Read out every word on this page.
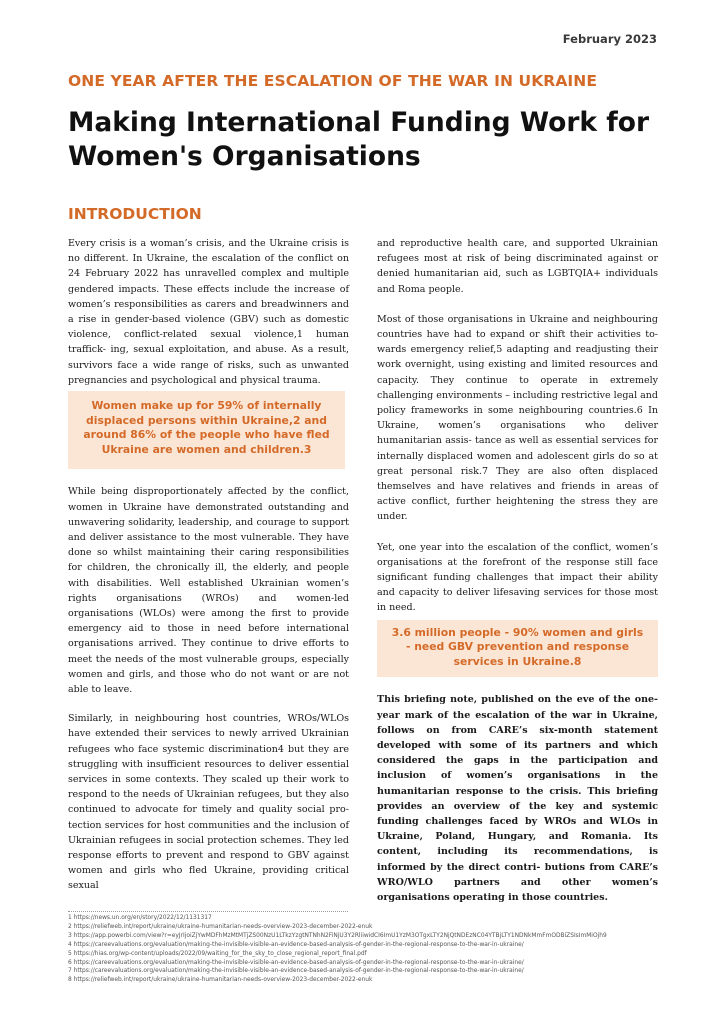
February 2023
ONE YEAR AFTER THE ESCALATION OF THE WAR IN UKRAINE
Making International Funding Work for Women's Organisations
INTRODUCTION

Every crisis is a woman’s crisis, and the Ukraine crisis is no different. In Ukraine, the escalation of the conflict on 24 February 2022 has unravelled complex and multiple gendered impacts. These effects include the increase of women’s responsibilities as carers and breadwinners and a rise in gender-based violence (GBV) such as domestic violence, conflict-related sexual violence,1 human traffick- ing, sexual exploitation, and abuse. As a result, survivors face a wide range of risks, such as unwanted pregnancies and psychological and physical trauma.

Women make up for 59% of internally displaced persons within Ukraine,2 and around 86% of the people who have fled Ukraine are women and children.3

While being disproportionately affected by the conflict, women in Ukraine have demonstrated outstanding and unwavering solidarity, leadership, and courage to support and deliver assistance to the most vulnerable. They have done so whilst maintaining their caring responsibilities for children, the chronically ill, the elderly, and people with disabilities. Well established Ukrainian women’s rights organisations (WROs) and women-led organisations (WLOs) were among the first to provide emergency aid to those in need before international organisations arrived. They continue to drive efforts to meet the needs of the most vulnerable groups, especially women and girls, and those who do not want or are not able to leave.

Similarly, in neighbouring host countries, WROs/WLOs have extended their services to newly arrived Ukrainian refugees who face systemic discrimination4 but they are struggling with insufficient resources to deliver essential services in some contexts. They scaled up their work to respond to the needs of Ukrainian refugees, but they also continued to advocate for timely and quality social pro- tection services for host communities and the inclusion of Ukrainian refugees in social protection schemes. They led response efforts to prevent and respond to GBV against women and girls who fled Ukraine, providing critical sexual

and reproductive health care, and supported Ukrainian refugees most at risk of being discriminated against or denied humanitarian aid, such as LGBTQIA+ individuals and Roma people.

Most of those organisations in Ukraine and neighbouring countries have had to expand or shift their activities to- wards emergency relief,5 adapting and readjusting their work overnight, using existing and limited resources and capacity. They continue to operate in extremely challenging environments – including restrictive legal and policy frameworks in some neighbouring countries.6 In Ukraine, women’s organisations who deliver humanitarian assis- tance as well as essential services for internally displaced women and adolescent girls do so at great personal risk.7 They are also often displaced themselves and have relatives and friends in areas of active conflict, further heightening the stress they are under.

Yet, one year into the escalation of the conflict, women’s organisations at the forefront of the response still face significant funding challenges that impact their ability and capacity to deliver lifesaving services for those most in need.

3.6 million people - 90% women and girls - need GBV prevention and response services in Ukraine.8

This briefing note, published on the eve of the one-year mark of the escalation of the war in Ukraine, follows on from CARE’s six-month statement developed with some of its partners and which considered the gaps in the participation and inclusion of women’s organisations in the humanitarian response to the crisis. This briefing provides an overview of the key and systemic funding challenges faced by WROs and WLOs in Ukraine, Poland, Hungary, and Romania. Its content, including its recommendations, is informed by the direct contri- butions from CARE’s WRO/WLO partners and other women’s organisations operating in those countries.

1 https://news.un.org/en/story/2022/12/1131317
2 https://reliefweb.int/report/ukraine/ukraine-humanitarian-needs-overview-2023-december-2022-enuk
3 https://app.powerbi.com/view?r=eyJrIjoiZjYwMDFhMzMtMTjZS00NzU1LTkzYzgtNTNhN2FiNjU3Y2RliiwidCI6ImU1YzM3OTgxLTY2NjQtNDEzNC04YTBjLTY1NDNkMmFmODBiZSIsImMiOjh9
4 https://careevaluations.org/evaluation/making-the-invisible-visible-an-evidence-based-analysis-of-gender-in-the-regional-response-to-the-war-in-ukraine/
5 https://hias.org/wp-content/uploads/2022/09/waiting_for_the_sky_to_close_regional_report_final.pdf
6 https://careevaluations.org/evaluation/making-the-invisible-visible-an-evidence-based-analysis-of-gender-in-the-regional-response-to-the-war-in-ukraine/
7 https://careevaluations.org/evaluation/making-the-invisible-visible-an-evidence-based-analysis-of-gender-in-the-regional-response-to-the-war-in-ukraine/
8 https://reliefweb.int/report/ukraine/ukraine-humanitarian-needs-overview-2023-december-2022-enuk
